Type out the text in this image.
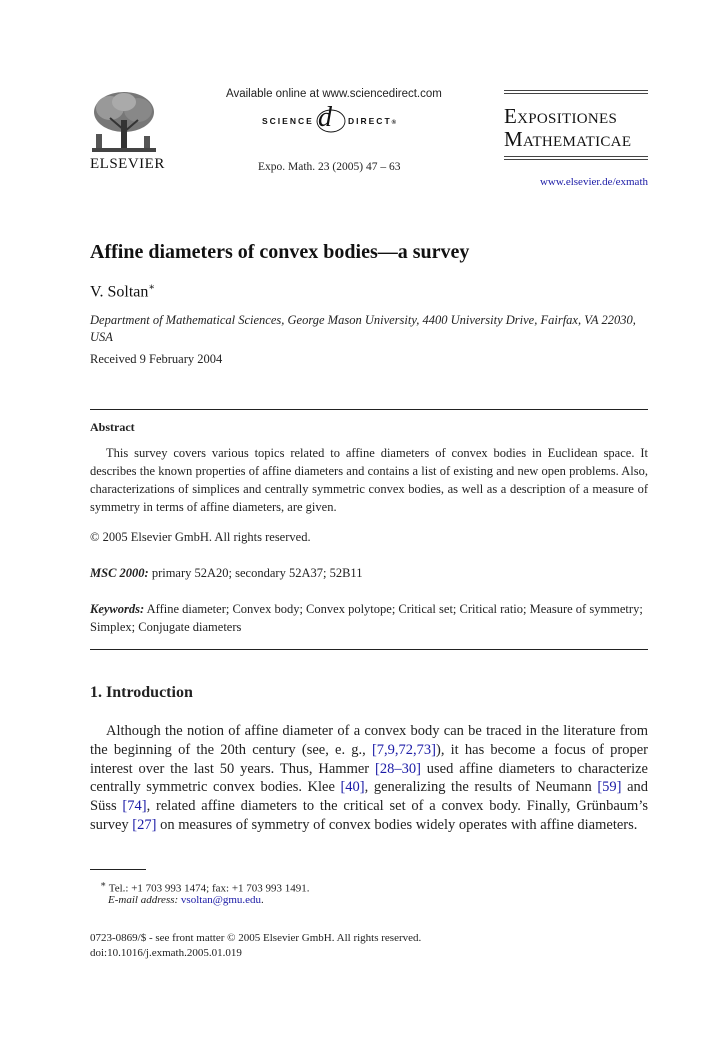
Available online at www.sciencedirect.com
SCIENCE d DIRECT®
Expo. Math. 23 (2005) 47 – 63
ELSEVIER
EXPOSITIONES
MATHEMATICAE
www.elsevier.de/exmath
Affine diameters of convex bodies—a survey
V. Soltan∗
Department of Mathematical Sciences, George Mason University, 4400 University Drive, Fairfax, VA 22030, USA
Received 9 February 2004
Abstract
This survey covers various topics related to affine diameters of convex bodies in Euclidean space. It describes the known properties of affine diameters and contains a list of existing and new open problems. Also, characterizations of simplices and centrally symmetric convex bodies, as well as a description of a measure of symmetry in terms of affine diameters, are given.
© 2005 Elsevier GmbH. All rights reserved.
MSC 2000: primary 52A20; secondary 52A37; 52B11
Keywords: Affine diameter; Convex body; Convex polytope; Critical set; Critical ratio; Measure of symmetry; Simplex; Conjugate diameters
1. Introduction
Although the notion of affine diameter of a convex body can be traced in the literature from the beginning of the 20th century (see, e. g., [7,9,72,73]), it has become a focus of proper interest over the last 50 years. Thus, Hammer [28–30] used affine diameters to characterize centrally symmetric convex bodies. Klee [40], generalizing the results of Neumann [59] and Süss [74], related affine diameters to the critical set of a convex body. Finally, Grünbaum’s survey [27] on measures of symmetry of convex bodies widely operates with affine diameters.
∗ Tel.: +1 703 993 1474; fax: +1 703 993 1491.
E-mail address: vsoltan@gmu.edu.
0723-0869/$ - see front matter © 2005 Elsevier GmbH. All rights reserved.
doi:10.1016/j.exmath.2005.01.019
